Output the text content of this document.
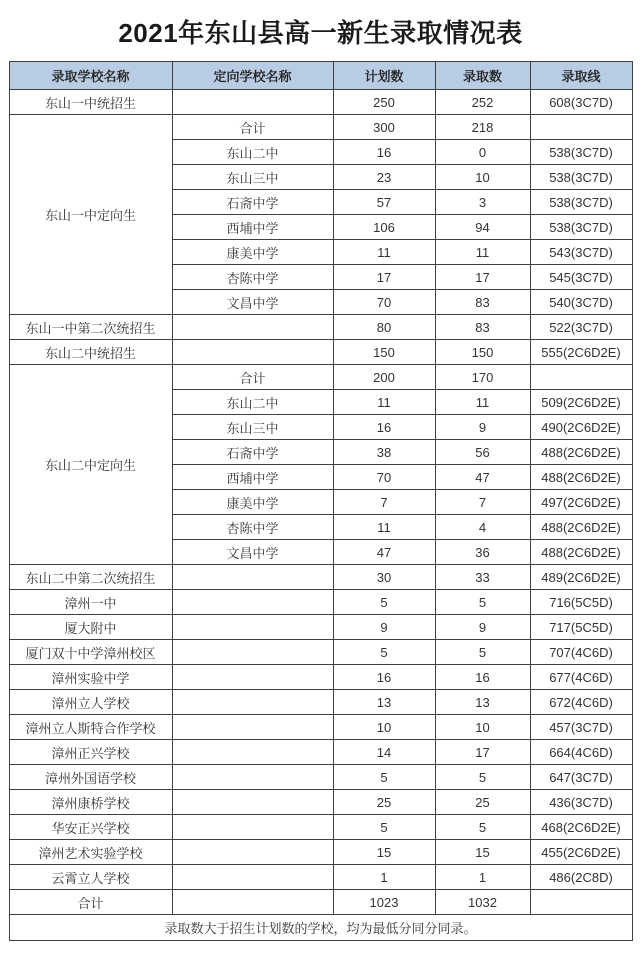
2021年东山县高一新生录取情况表
录取学校名称	定向学校名称	计划数	录取数	录取线
东山一中统招生		250	252	608(3C7D)
东山一中定向生	合计	300	218	
	东山二中	16	0	538(3C7D)
	东山三中	23	10	538(3C7D)
	石斋中学	57	3	538(3C7D)
	西埔中学	106	94	538(3C7D)
	康美中学	11	11	543(3C7D)
	杏陈中学	17	17	545(3C7D)
	文昌中学	70	83	540(3C7D)
东山一中第二次统招生		80	83	522(3C7D)
东山二中统招生		150	150	555(2C6D2E)
东山二中定向生	合计	200	170	
	东山二中	11	11	509(2C6D2E)
	东山三中	16	9	490(2C6D2E)
	石斋中学	38	56	488(2C6D2E)
	西埔中学	70	47	488(2C6D2E)
	康美中学	7	7	497(2C6D2E)
	杏陈中学	11	4	488(2C6D2E)
	文昌中学	47	36	488(2C6D2E)
东山二中第二次统招生		30	33	489(2C6D2E)
漳州一中		5	5	716(5C5D)
厦大附中		9	9	717(5C5D)
厦门双十中学漳州校区		5	5	707(4C6D)
漳州实验中学		16	16	677(4C6D)
漳州立人学校		13	13	672(4C6D)
漳州立人斯特合作学校		10	10	457(3C7D)
漳州正兴学校		14	17	664(4C6D)
漳州外国语学校		5	5	647(3C7D)
漳州康桥学校		25	25	436(3C7D)
华安正兴学校		5	5	468(2C6D2E)
漳州艺术实验学校		15	15	455(2C6D2E)
云霄立人学校		1	1	486(2C8D)
合计		1023	1032	
录取数大于招生计划数的学校，均为最低分同分同录。				
